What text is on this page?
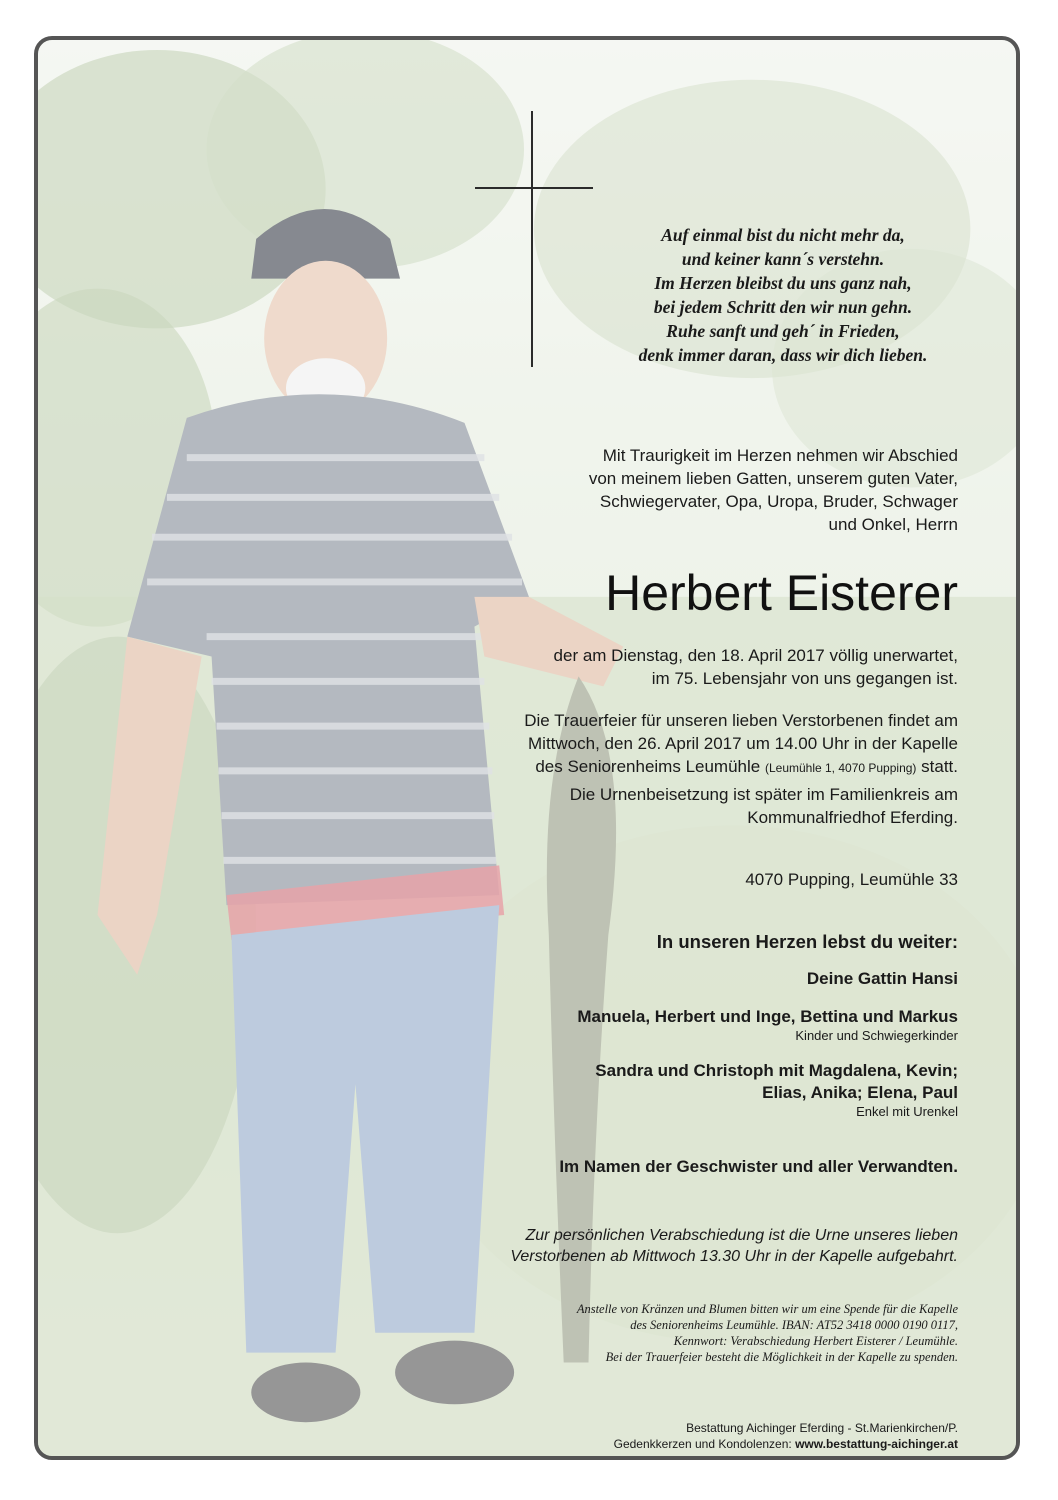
Auf einmal bist du nicht mehr da,
und keiner kann´s verstehn.
Im Herzen bleibst du uns ganz nah,
bei jedem Schritt den wir nun gehn.
Ruhe sanft und geh´ in Frieden,
denk immer daran, dass wir dich lieben.
Mit Traurigkeit im Herzen nehmen wir Abschied
von meinem lieben Gatten, unserem guten Vater,
Schwiegervater, Opa, Uropa, Bruder, Schwager
und Onkel, Herrn
Herbert Eisterer
der am Dienstag, den 18. April 2017 völlig unerwartet,
im 75. Lebensjahr von uns gegangen ist.
Die Trauerfeier für unseren lieben Verstorbenen findet am
Mittwoch, den 26. April 2017 um 14.00 Uhr in der Kapelle
des Seniorenheims Leumühle (Leumühle 1, 4070 Pupping) statt.
Die Urnenbeisetzung ist später im Familienkreis am
Kommunalfriedhof Eferding.
4070 Pupping, Leumühle 33
In unseren Herzen lebst du weiter:
Deine Gattin Hansi
Manuela, Herbert und Inge, Bettina und Markus
Kinder und Schwiegerkinder
Sandra und Christoph mit Magdalena, Kevin;
Elias, Anika; Elena, Paul
Enkel mit Urenkel
Im Namen der Geschwister und aller Verwandten.
Zur persönlichen Verabschiedung ist die Urne unseres lieben
Verstorbenen ab Mittwoch 13.30 Uhr in der Kapelle aufgebahrt.
Anstelle von Kränzen und Blumen bitten wir um eine Spende für die Kapelle
des Seniorenheims Leumühle. IBAN: AT52 3418 0000 0190 0117,
Kennwort: Verabschiedung Herbert Eisterer / Leumühle.
Bei der Trauerfeier besteht die Möglichkeit in der Kapelle zu spenden.
Bestattung Aichinger Eferding - St.Marienkirchen/P.
Gedenkkerzen und Kondolenzen: www.bestattung-aichinger.at
